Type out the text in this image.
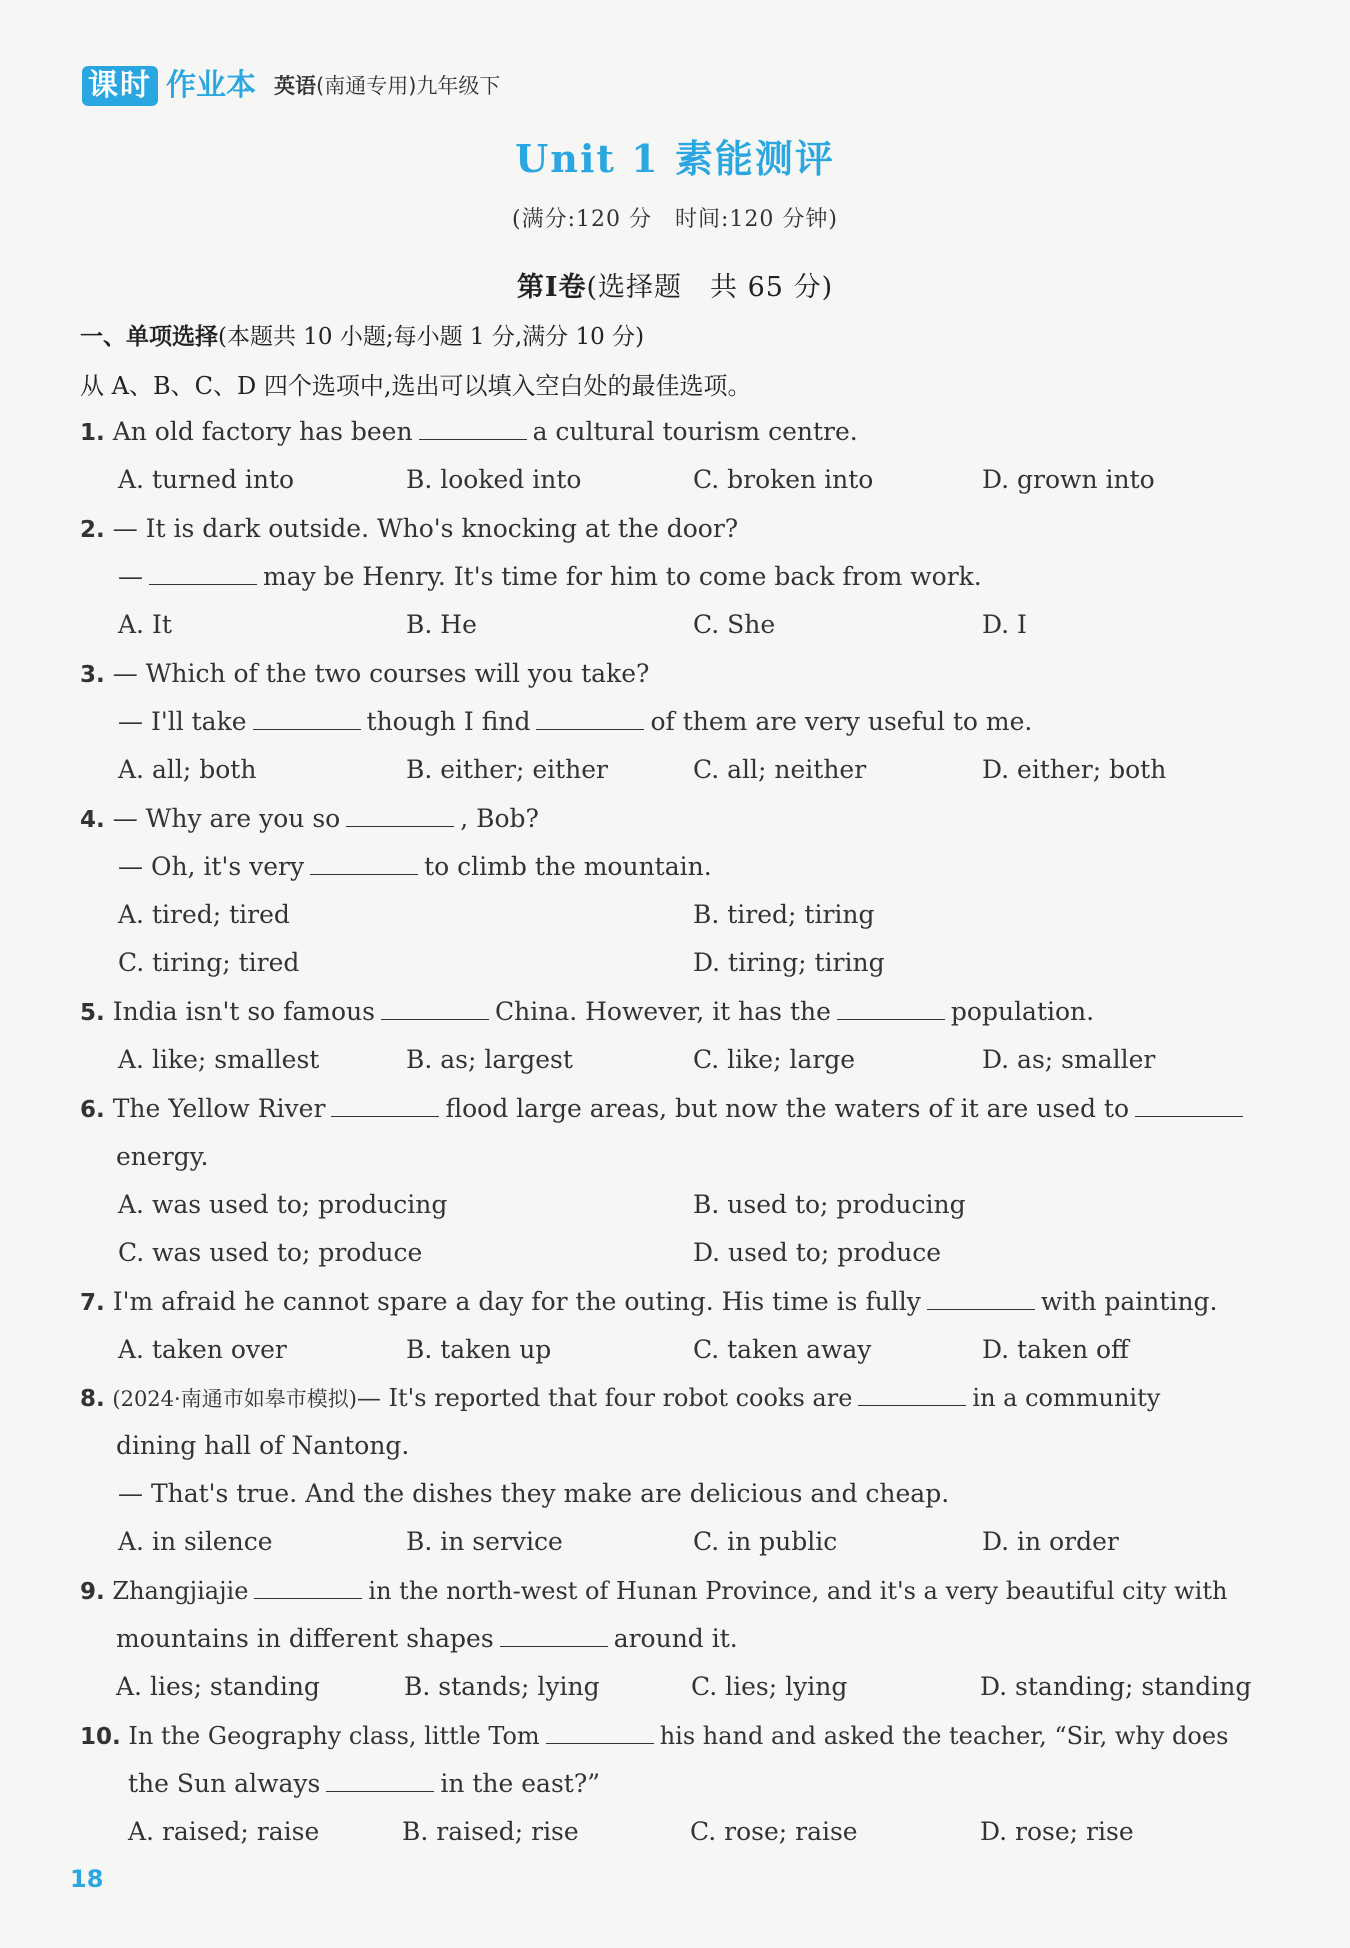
课时 作业本 英语(南通专用)九年级下
Unit 1 素能测评
(满分:120 分　时间:120 分钟)
第Ⅰ卷(选择题　共 65 分)
一、单项选择(本题共 10 小题;每小题 1 分,满分 10 分)
从 A、B、C、D 四个选项中,选出可以填入空白处的最佳选项。
1. An old factory has been	a cultural tourism centre.
A. turned into	B. looked into	C. broken into	D. grown into
2. — It is dark outside. Who's knocking at the door?
—	may be Henry. It's time for him to come back from work.
A. It	B. He	C. She	D. I
3. — Which of the two courses will you take?
— I'll take	though I find	of them are very useful to me.
A. all; both	B. either; either	C. all; neither	D. either; both
4. — Why are you so	, Bob?
— Oh, it's very	to climb the mountain.
A. tired; tired	B. tired; tiring
C. tiring; tired	D. tiring; tiring
5. India isn't so famous	China. However, it has the	population.
A. like; smallest	B. as; largest	C. like; large	D. as; smaller
6. The Yellow River	flood large areas, but now the waters of it are used to
energy.
A. was used to; producing	B. used to; producing
C. was used to; produce	D. used to; produce
7. I'm afraid he cannot spare a day for the outing. His time is fully	with painting.
A. taken over	B. taken up	C. taken away	D. taken off
8. (2024·南通市如皋市模拟)— It's reported that four robot cooks are	in a community
dining hall of Nantong.
— That's true. And the dishes they make are delicious and cheap.
A. in silence	B. in service	C. in public	D. in order
9. Zhangjiajie	in the north-west of Hunan Province, and it's a very beautiful city with
mountains in different shapes	around it.
A. lies; standing	B. stands; lying	C. lies; lying	D. standing; standing
10. In the Geography class, little Tom	his hand and asked the teacher, “Sir, why does
the Sun always	in the east?”
A. raised; raise	B. raised; rise	C. rose; raise	D. rose; rise
18
